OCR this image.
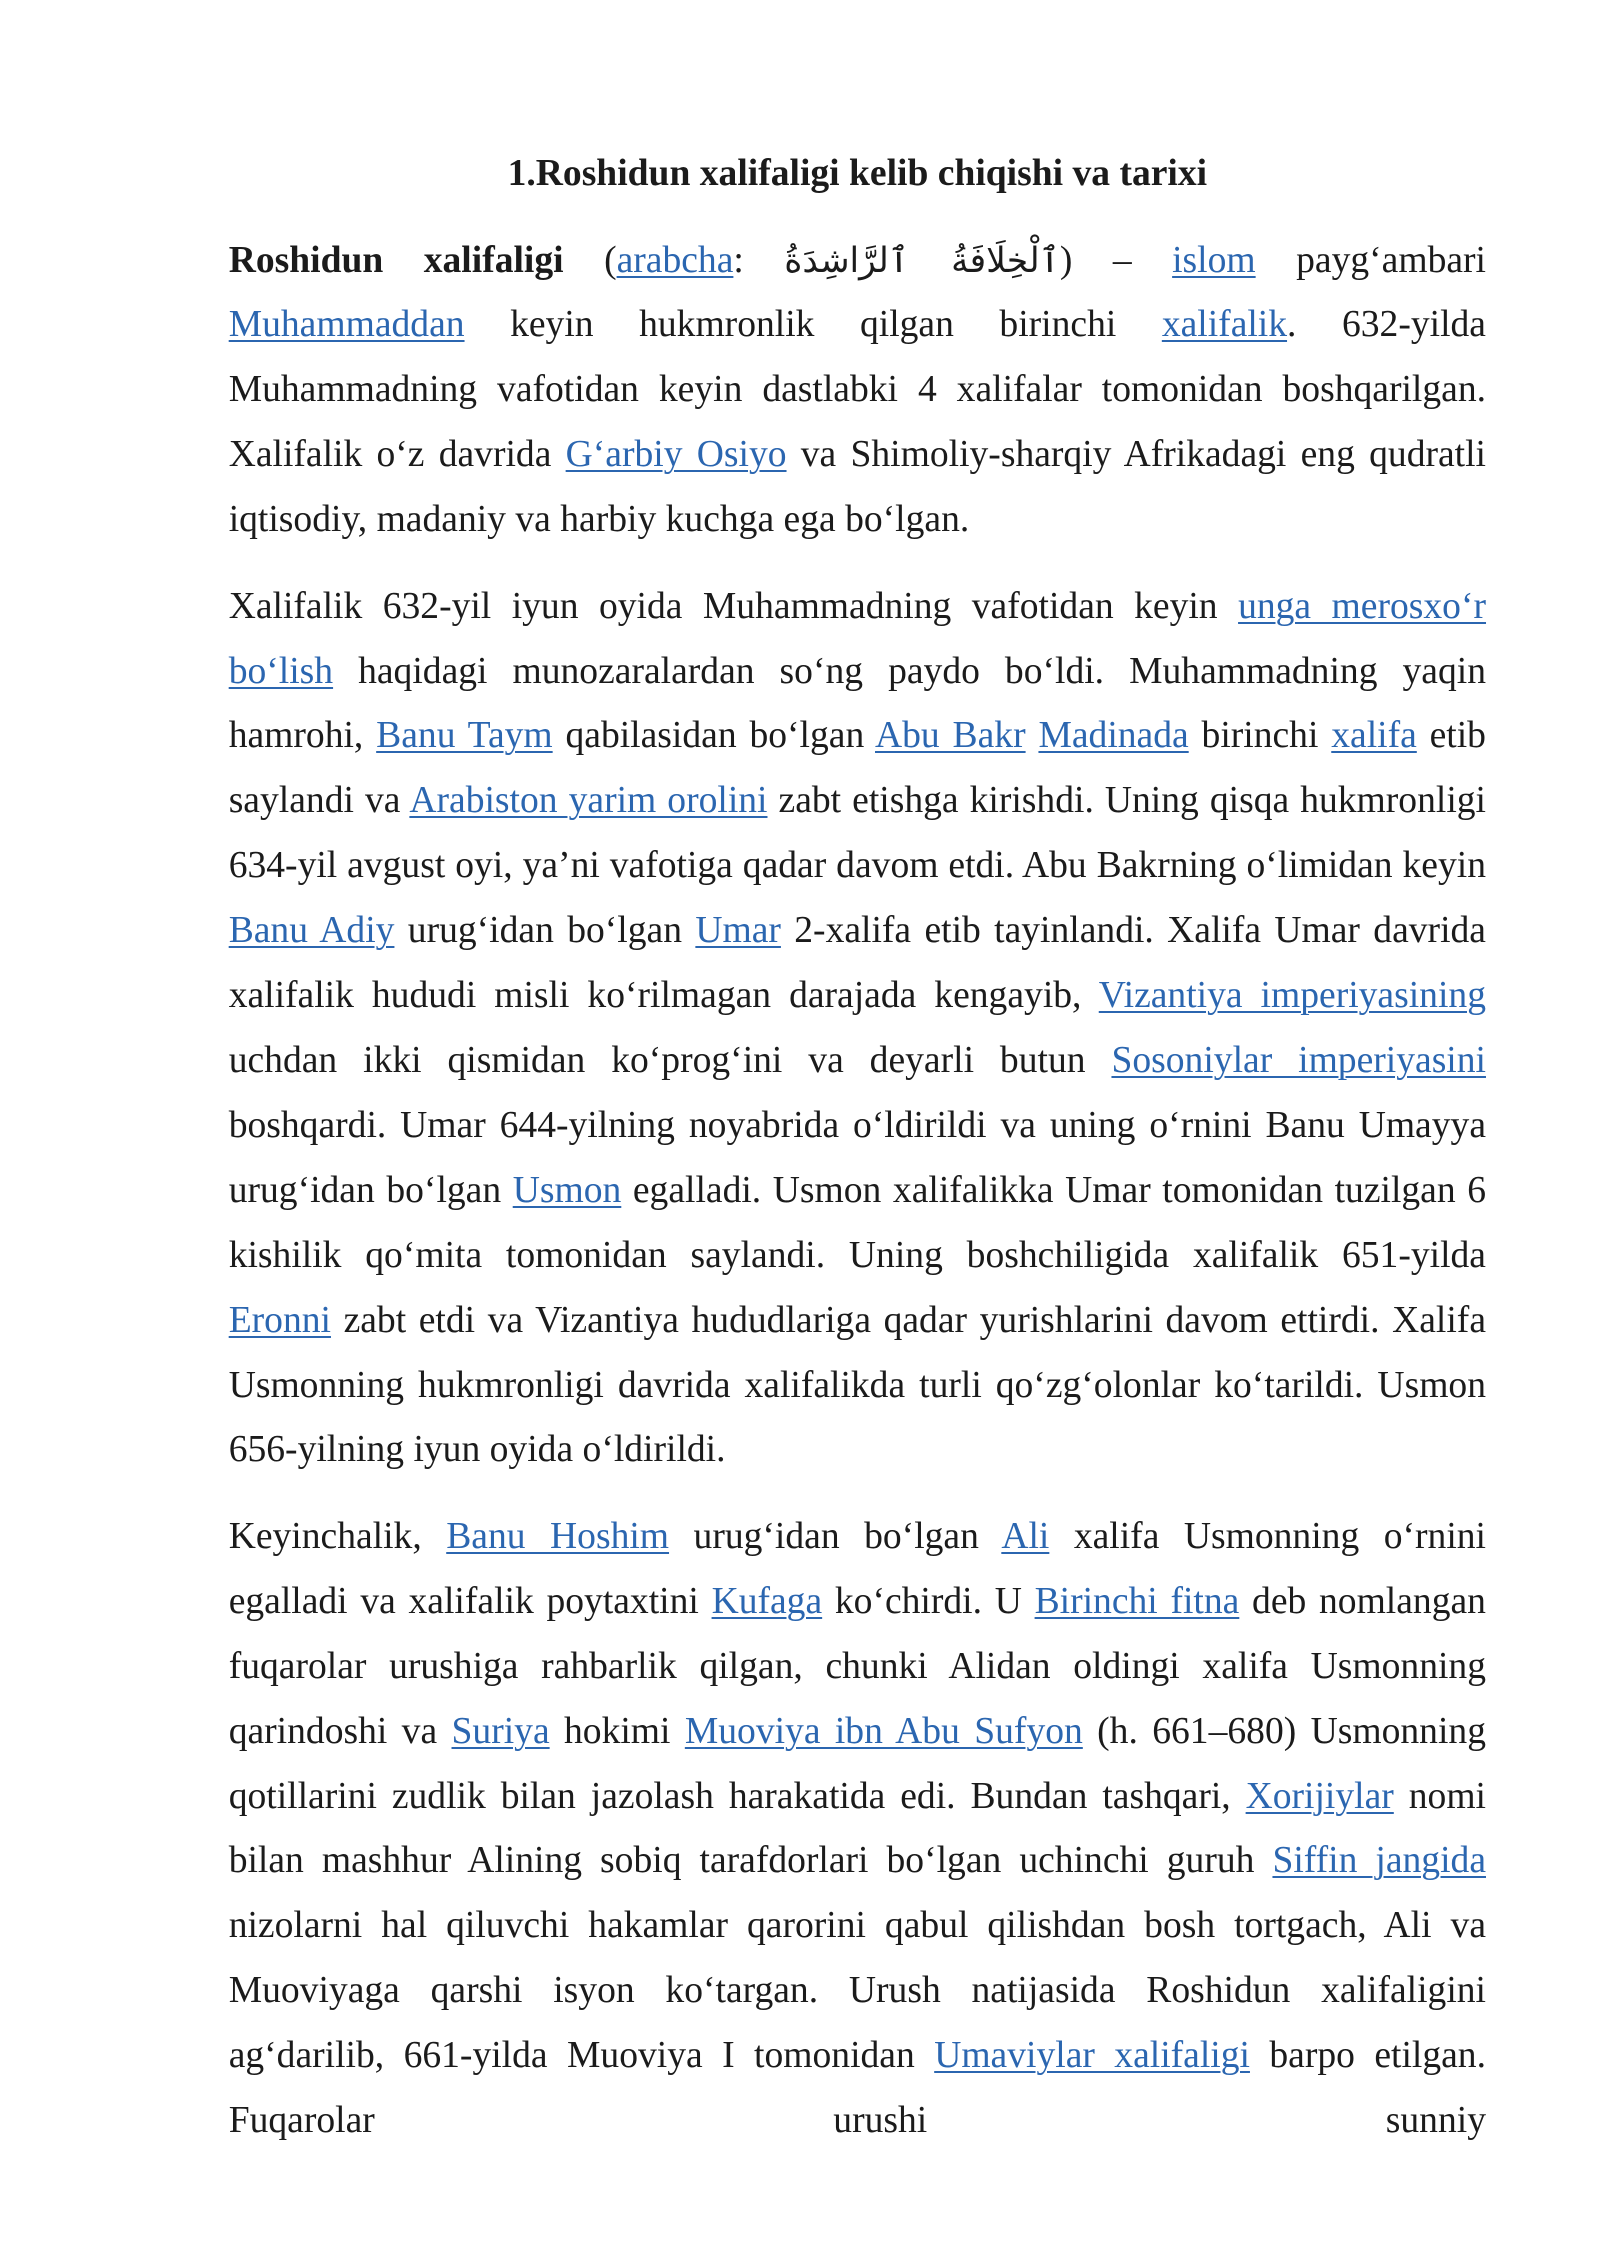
1.Roshidun xalifaligi kelib chiqishi va tarixi

Roshidun xalifaligi (arabcha: ٱلْخِلَافَةُ ٱلرَّاشِدَةُ) – islom payg‘ambari Muhammaddan keyin hukmronlik qilgan birinchi xalifalik. 632-yilda Muhammadning vafotidan keyin dastlabki 4 xalifalar tomonidan boshqarilgan. Xalifalik o‘z davrida G‘arbiy Osiyo va Shimoliy-sharqiy Afrikadagi eng qudratli iqtisodiy, madaniy va harbiy kuchga ega bo‘lgan.

Xalifalik 632-yil iyun oyida Muhammadning vafotidan keyin unga merosxo‘r bo‘lish haqidagi munozaralardan so‘ng paydo bo‘ldi. Muhammadning yaqin hamrohi, Banu Taym qabilasidan bo‘lgan Abu Bakr Madinada birinchi xalifa etib saylandi va Arabiston yarim orolini zabt etishga kirishdi. Uning qisqa hukmronligi 634-yil avgust oyi, ya’ni vafotiga qadar davom etdi. Abu Bakrning o‘limidan keyin Banu Adiy urug‘idan bo‘lgan Umar 2-xalifa etib tayinlandi. Xalifa Umar davrida xalifalik hududi misli ko‘rilmagan darajada kengayib, Vizantiya imperiyasining uchdan ikki qismidan ko‘prog‘ini va deyarli butun Sosoniylar imperiyasini boshqardi. Umar 644-yilning noyabrida o‘ldirildi va uning o‘rnini Banu Umayya urug‘idan bo‘lgan Usmon egalladi. Usmon xalifalikka Umar tomonidan tuzilgan 6 kishilik qo‘mita tomonidan saylandi. Uning boshchiligida xalifalik 651-yilda Eronni zabt etdi va Vizantiya hududlariga qadar yurishlarini davom ettirdi. Xalifa Usmonning hukmronligi davrida xalifalikda turli qo‘zg‘olonlar ko‘tarildi. Usmon 656-yilning iyun oyida o‘ldirildi.

Keyinchalik, Banu Hoshim urug‘idan bo‘lgan Ali xalifa Usmonning o‘rnini egalladi va xalifalik poytaxtini Kufaga ko‘chirdi. U Birinchi fitna deb nomlangan fuqarolar urushiga rahbarlik qilgan, chunki Alidan oldingi xalifa Usmonning qarindoshi va Suriya hokimi Muoviya ibn Abu Sufyon (h. 661–680) Usmonning qotillarini zudlik bilan jazolash harakatida edi. Bundan tashqari, Xorijiylar nomi bilan mashhur Alining sobiq tarafdorlari bo‘lgan uchinchi guruh Siffin jangida nizolarni hal qiluvchi hakamlar qarorini qabul qilishdan bosh tortgach, Ali va Muoviyaga qarshi isyon ko‘targan. Urush natijasida Roshidun xalifaligini ag‘darilib, 661-yilda Muoviya I tomonidan Umaviylar xalifaligi barpo etilgan. Fuqarolar urushi sunniy
